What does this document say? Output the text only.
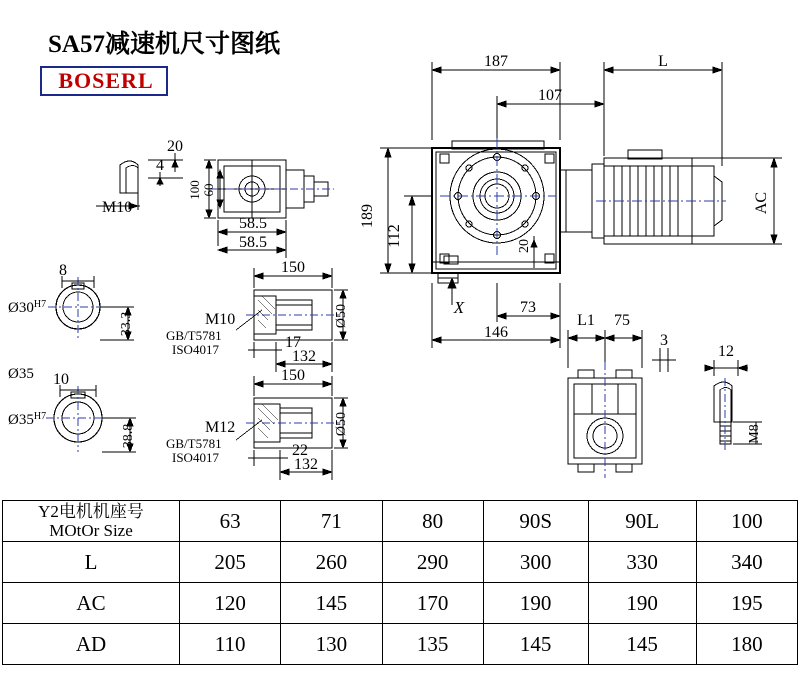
SA57减速机尺寸图纸
BOSERL
187	L
107
146
73
58.5
58.5
20
4
M10
8
10
150
150
17
22
132
132
M10
M12
L1 75
3
12
X
189
112
AC
100 60
33.3
38.8
Ø50
Ø50
20
M8
$Ø30^{H7}$
Ø35
$Ø35^{H7}$
GB/T5781
ISO4017
GB/T5781
ISO4017
Y2电机机座号
MOtOr Size	63	71	80	90S	90L	100
L	205	260	290	300	330	340
AC	120	145	170	190	190	195
AD	110	130	135	145	145	180
